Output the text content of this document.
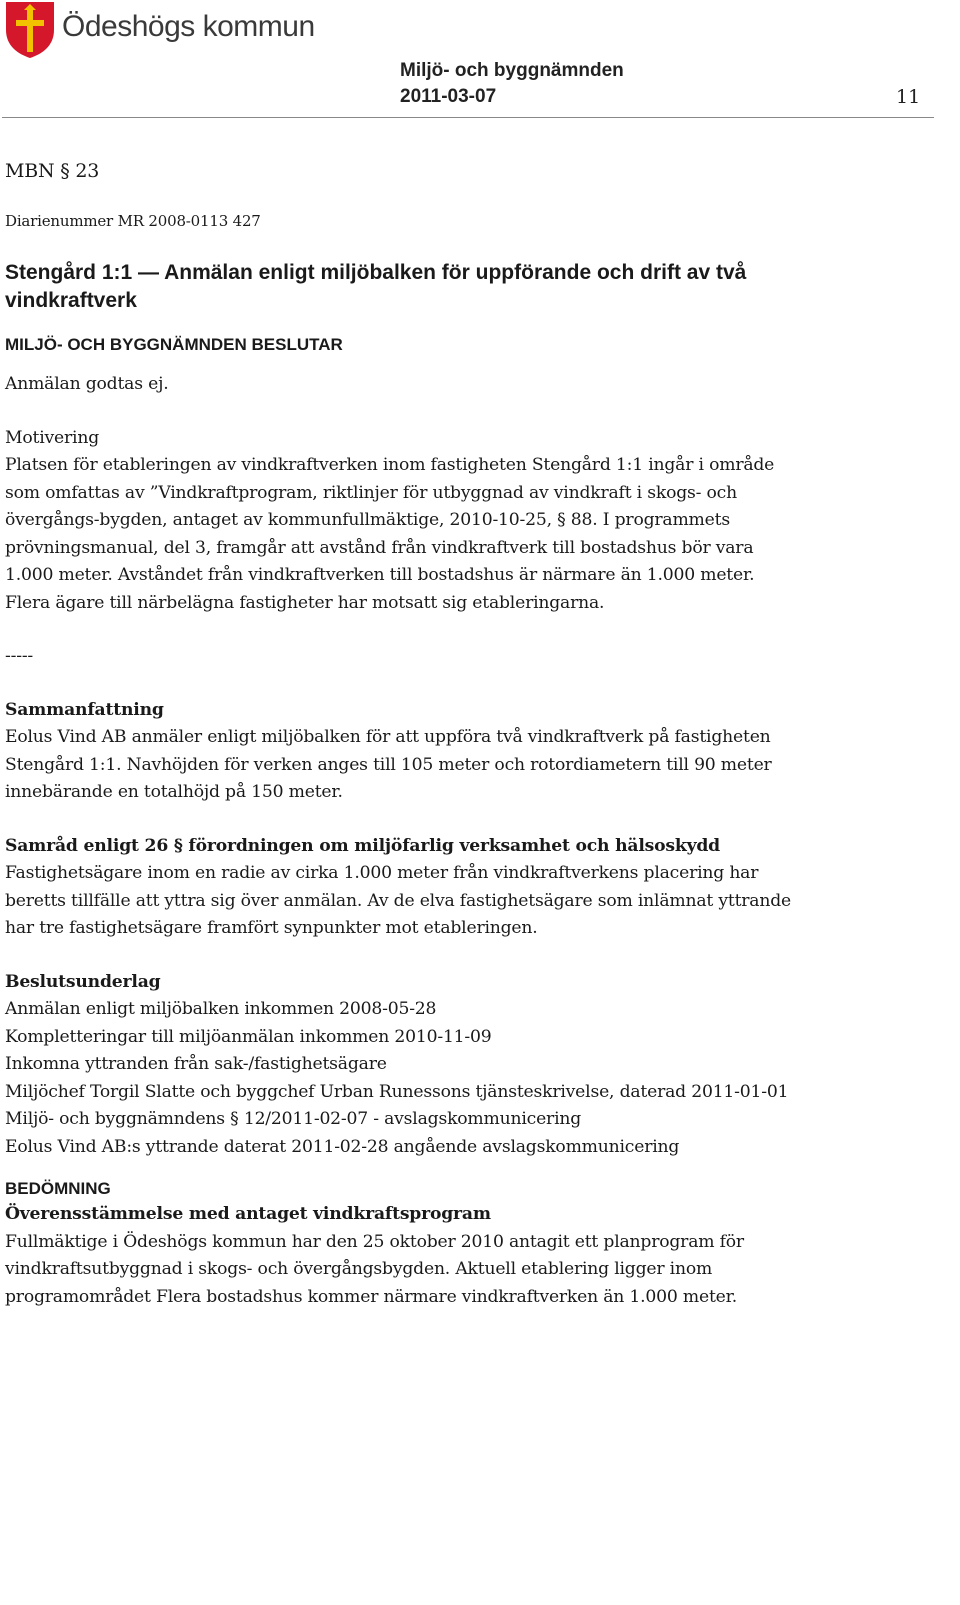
Ödeshögs kommun
Miljö- och byggnämnden
2011-03-07	11
MBN § 23
Diarienummer MR 2008-0113 427
Stengård 1:1 — Anmälan enligt miljöbalken för uppförande och drift av två
vindkraftverk
MILJÖ- OCH BYGGNÄMNDEN BESLUTAR
Anmälan godtas ej.
Motivering
Platsen för etableringen av vindkraftverken inom fastigheten Stengård 1:1 ingår i område
som omfattas av ”Vindkraftprogram, riktlinjer för utbyggnad av vindkraft i skogs- och
övergångs-bygden, antaget av kommunfullmäktige, 2010-10-25, § 88. I programmets
prövningsmanual, del 3, framgår att avstånd från vindkraftverk till bostadshus bör vara
1.000 meter. Avståndet från vindkraftverken till bostadshus är närmare än 1.000 meter.
Flera ägare till närbelägna fastigheter har motsatt sig etableringarna.
-----
Sammanfattning
Eolus Vind AB anmäler enligt miljöbalken för att uppföra två vindkraftverk på fastigheten
Stengård 1:1. Navhöjden för verken anges till 105 meter och rotordiametern till 90 meter
innebärande en totalhöjd på 150 meter.
Samråd enligt 26 § förordningen om miljöfarlig verksamhet och hälsoskydd
Fastighetsägare inom en radie av cirka 1.000 meter från vindkraftverkens placering har
beretts tillfälle att yttra sig över anmälan. Av de elva fastighetsägare som inlämnat yttrande
har tre fastighetsägare framfört synpunkter mot etableringen.
Beslutsunderlag
Anmälan enligt miljöbalken inkommen 2008-05-28
Kompletteringar till miljöanmälan inkommen 2010-11-09
Inkomna yttranden från sak-/fastighetsägare
Miljöchef Torgil Slatte och byggchef Urban Runessons tjänsteskrivelse, daterad 2011-01-01
Miljö- och byggnämndens § 12/2011-02-07 - avslagskommunicering
Eolus Vind AB:s yttrande daterat 2011-02-28 angående avslagskommunicering
BEDÖMNING
Överensstämmelse med antaget vindkraftsprogram
Fullmäktige i Ödeshögs kommun har den 25 oktober 2010 antagit ett planprogram för
vindkraftsutbyggnad i skogs- och övergångsbygden. Aktuell etablering ligger inom
programområdet Flera bostadshus kommer närmare vindkraftverken än 1.000 meter.
